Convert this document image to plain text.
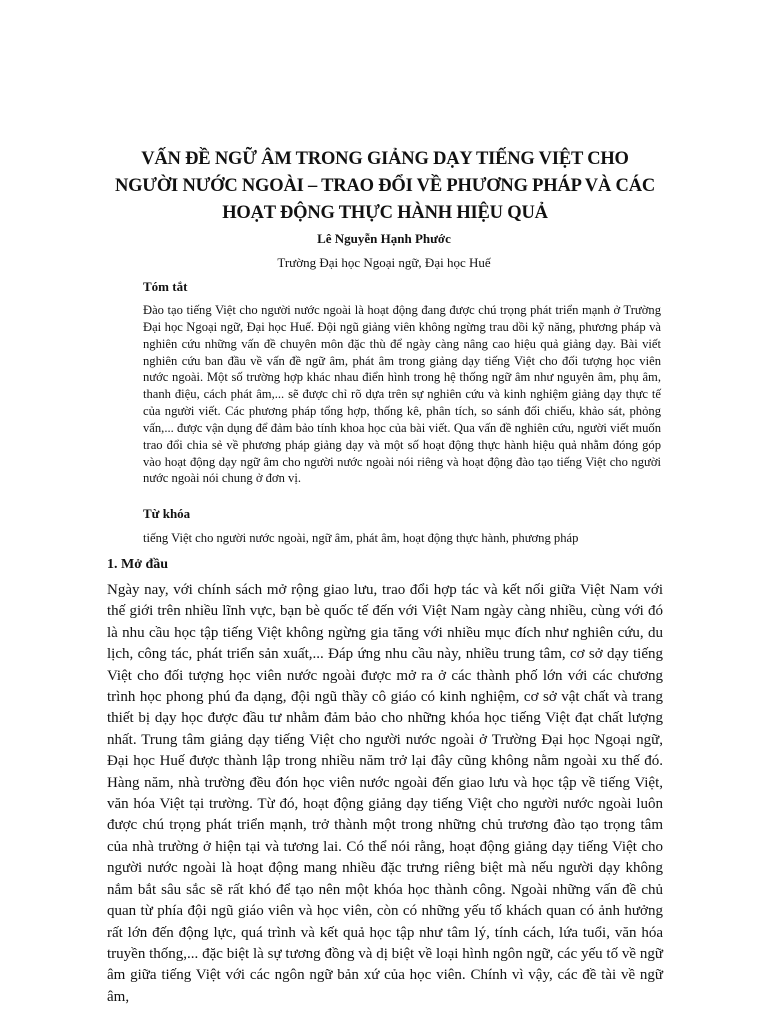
VẤN ĐỀ NGỮ ÂM TRONG GIẢNG DẠY TIẾNG VIỆT CHO NGƯỜI NƯỚC NGOÀI – TRAO ĐỔI VỀ PHƯƠNG PHÁP VÀ CÁC HOẠT ĐỘNG THỰC HÀNH HIỆU QUẢ
Lê Nguyễn Hạnh Phước
Trường Đại học Ngoại ngữ, Đại học Huế
Tóm tắt

Đào tạo tiếng Việt cho người nước ngoài là hoạt động đang được chú trọng phát triển mạnh ở Trường Đại học Ngoại ngữ, Đại học Huế. Đội ngũ giảng viên không ngừng trau dồi kỹ năng, phương pháp và nghiên cứu những vấn đề chuyên môn đặc thù để ngày càng nâng cao hiệu quả giảng dạy. Bài viết nghiên cứu ban đầu về vấn đề ngữ âm, phát âm trong giảng dạy tiếng Việt cho đối tượng học viên nước ngoài. Một số trường hợp khác nhau điển hình trong hệ thống ngữ âm như nguyên âm, phụ âm, thanh điệu, cách phát âm,... sẽ được chỉ rõ dựa trên sự nghiên cứu và kinh nghiệm giảng dạy thực tế của người viết. Các phương pháp tổng hợp, thống kê, phân tích, so sánh đối chiếu, khảo sát, phỏng vấn,... được vận dụng để đảm bảo tính khoa học của bài viết. Qua vấn đề nghiên cứu, người viết muốn trao đổi chia sẻ về phương pháp giảng dạy và một số hoạt động thực hành hiệu quả nhằm đóng góp vào hoạt động dạy ngữ âm cho người nước ngoài nói riêng và hoạt động đào tạo tiếng Việt cho người nước ngoài nói chung ở đơn vị.

Từ khóa
tiếng Việt cho người nước ngoài, ngữ âm, phát âm, hoạt động thực hành, phương pháp
1. Mở đầu

Ngày nay, với chính sách mở rộng giao lưu, trao đổi hợp tác và kết nối giữa Việt Nam với thế giới trên nhiều lĩnh vực, bạn bè quốc tế đến với Việt Nam ngày càng nhiều, cùng với đó là nhu cầu học tập tiếng Việt không ngừng gia tăng với nhiều mục đích như nghiên cứu, du lịch, công tác, phát triển sản xuất,... Đáp ứng nhu cầu này, nhiều trung tâm, cơ sở dạy tiếng Việt cho đối tượng học viên nước ngoài được mở ra ở các thành phố lớn với các chương trình học phong phú đa dạng, đội ngũ thầy cô giáo có kinh nghiệm, cơ sở vật chất và trang thiết bị dạy học được đầu tư nhằm đảm bảo cho những khóa học tiếng Việt đạt chất lượng nhất. Trung tâm giảng dạy tiếng Việt cho người nước ngoài ở Trường Đại học Ngoại ngữ, Đại học Huế được thành lập trong nhiều năm trở lại đây cũng không nằm ngoài xu thế đó. Hàng năm, nhà trường đều đón học viên nước ngoài đến giao lưu và học tập về tiếng Việt, văn hóa Việt tại trường. Từ đó, hoạt động giảng dạy tiếng Việt cho người nước ngoài luôn được chú trọng phát triển mạnh, trở thành một trong những chủ trương đào tạo trọng tâm của nhà trường ở hiện tại và tương lai. Có thể nói rằng, hoạt động giảng dạy tiếng Việt cho người nước ngoài là hoạt động mang nhiều đặc trưng riêng biệt mà nếu người dạy không nắm bắt sâu sắc sẽ rất khó để tạo nên một khóa học thành công. Ngoài những vấn đề chủ quan từ phía đội ngũ giáo viên và học viên, còn có những yếu tố khách quan có ảnh hưởng rất lớn đến động lực, quá trình và kết quả học tập như tâm lý, tính cách, lứa tuổi, văn hóa truyền thống,... đặc biệt là sự tương đồng và dị biệt về loại hình ngôn ngữ, các yếu tố về ngữ âm giữa tiếng Việt với các ngôn ngữ bản xứ của học viên. Chính vì vậy, các đề tài về ngữ âm,
